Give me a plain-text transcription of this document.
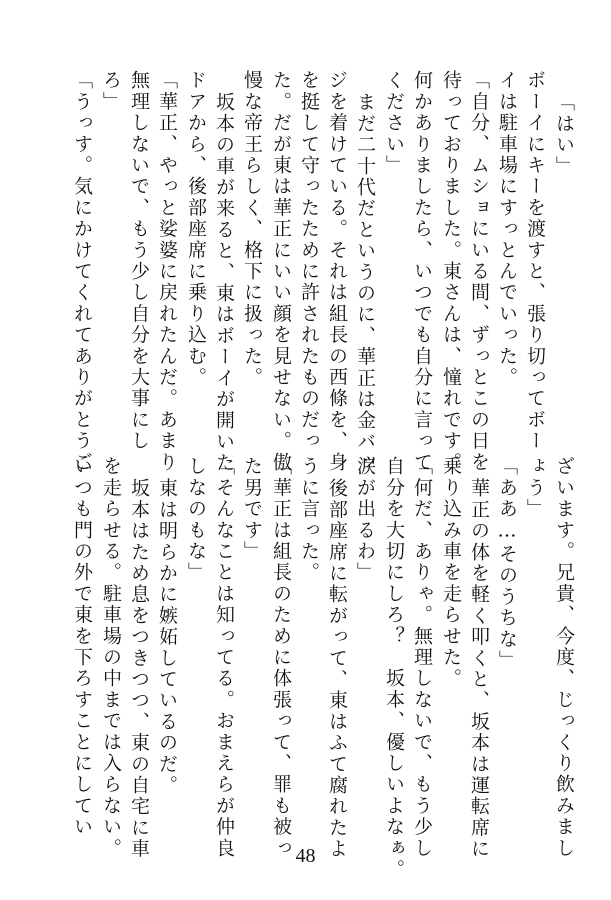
「はい」
ボーイにキーを渡すと、張り切ってボー
イは駐車場にすっとんでいった。
「自分、ムショにいる間、ずっとこの日を
待っておりました。東さんは、憧れです。
何かありましたら、いつでも自分に言って
ください」
まだ二十代だというのに、華正は金バッ
ジを着けている。それは組長の西條を、身
を挺して守ったために許されたものだっ
た。だが東は華正にいい顔を見せない。傲
慢な帝王らしく、格下に扱った。
坂本の車が来ると、東はボーイが開いた
ドアから、後部座席に乗り込む。
「華正、やっと娑婆に戻れたんだ。あまり
無理しないで、もう少し自分を大事にし
ろ」
「うっす。気にかけてくれてありがとうご
ざいます。兄貴、今度、じっくり飲みまし
ょう」
「ああ…そのうちな」
華正の体を軽く叩くと、坂本は運転席に
乗り込み車を走らせた。
「何だ、ありゃ。無理しないで、もう少し
自分を大切にしろ？　坂本、優しいよなぁ。
涙が出るわ」
後部座席に転がって、東はふて腐れたよ
うに言った。
「華正は組長のために体張って、罪も被っ
た男です」
「そんなことは知ってる。おまえらが仲良
しなのもな」
東は明らかに嫉妬しているのだ。
坂本はため息をつきつつ、東の自宅に車
を走らせる。駐車場の中までは入らない。
いつも門の外で東を下ろすことにしてい
48
